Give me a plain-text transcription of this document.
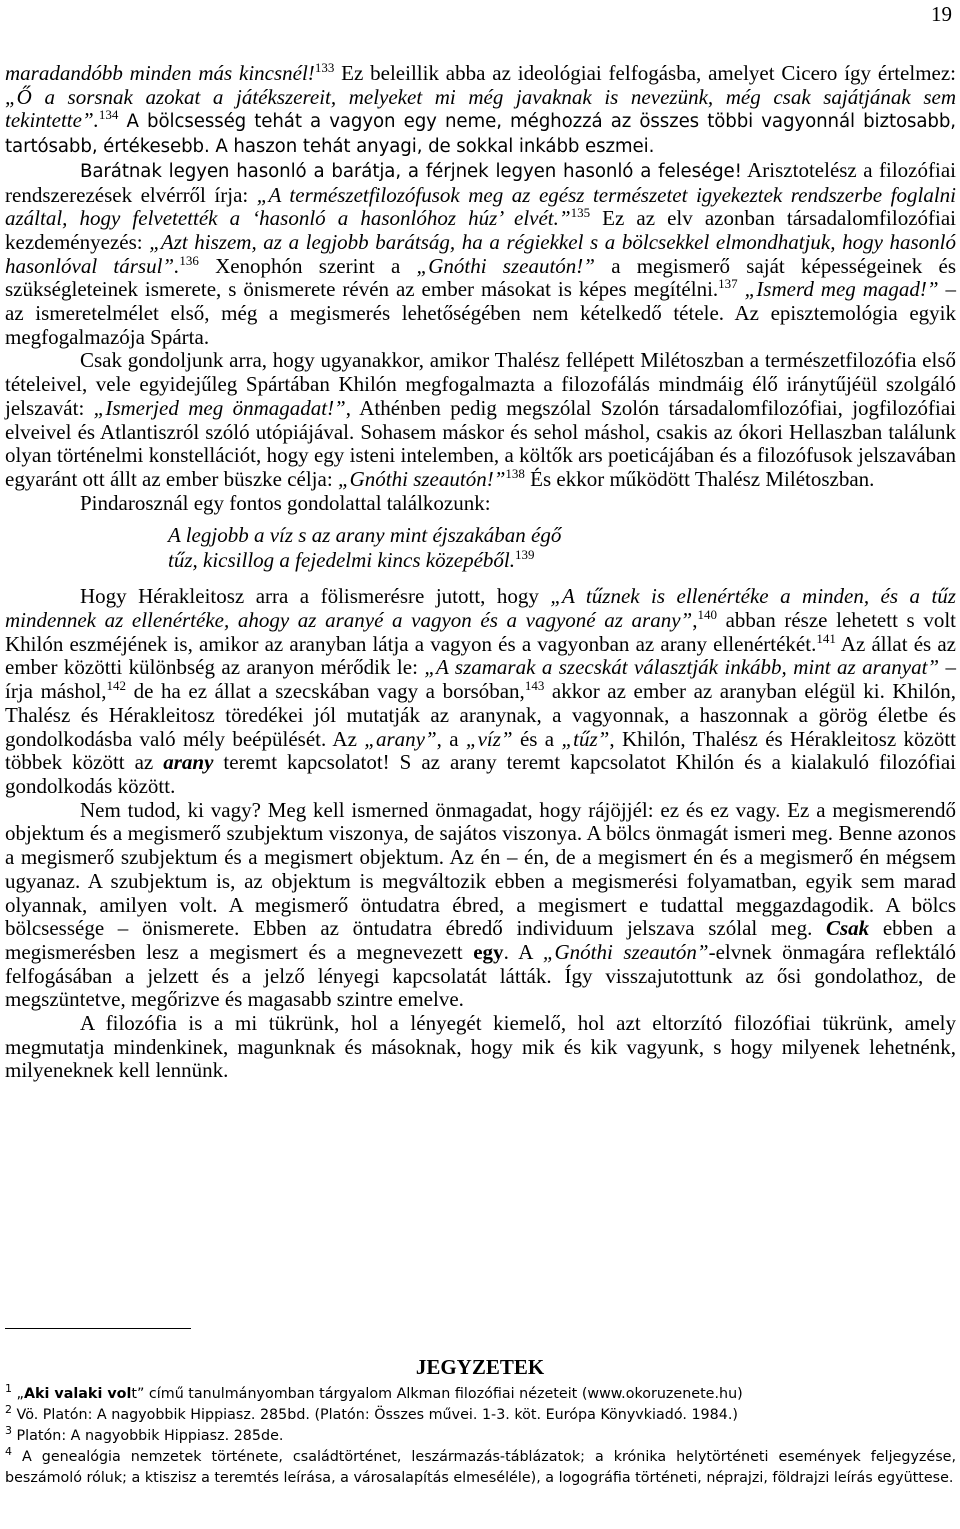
19

maradandóbb minden más kincsnél!$^{133}$ Ez beleillik abba az ideológiai felfogásba, amelyet Cicero így értelmez: „Ő a sorsnak azokat a játékszereit, melyeket mi még javaknak is nevezünk, még csak sajátjának sem tekintette”.$^{134}$ A bölcsesség tehát a vagyon egy neme, méghozzá az összes többi vagyonnál biztosabb, tartósabb, értékesebb. A haszon tehát anyagi, de sokkal inkább eszmei.

Barátnak legyen hasonló a barátja, a férjnek legyen hasonló a felesége! Arisztotelész a filozófiai rendszerezések elvérről írja: „A természetfilozófusok meg az egész természetet igyekeztek rendszerbe foglalni azáltal, hogy felvetették a ‘hasonló a hasonlóhoz húz’ elvét.”$^{135}$ Ez az elv azonban társadalomfilozófiai kezdeményezés: „Azt hiszem, az a legjobb barátság, ha a régiekkel s a bölcsekkel elmondhatjuk, hogy hasonló hasonlóval társul”.$^{136}$ Xenophón szerint a „Gnóthi szeautón!” a megismerő saját képességeinek és szükségleteinek ismerete, s önismerete révén az ember másokat is képes megítélni.$^{137}$ „Ismerd meg magad!” – az ismeretelmélet első, még a megismerés lehetőségében nem kételkedő tétele. Az episztemológia egyik megfogalmazója Spárta.

Csak gondoljunk arra, hogy ugyanakkor, amikor Thalész fellépett Milétoszban a természetfilozófia első tételeivel, vele egyidejűleg Spártában Khilón megfogalmazta a filozofálás mindmáig élő iránytűjéül szolgáló jelszavát: „Ismerjed meg önmagadat!”, Athénben pedig megszólal Szolón társadalomfilozófiai, jogfilozófiai elveivel és Atlantiszról szóló utópiájával. Sohasem máskor és sehol máshol, csakis az ókori Hellaszban találunk olyan történelmi konstellációt, hogy egy isteni intelemben, a költők ars poeticájában és a filozófusok jelszavában egyaránt ott állt az ember büszke célja: „Gnóthi szeautón!”$^{138}$ És ekkor működött Thalész Milétoszban.

Pindarosznál egy fontos gondolattal találkozunk:

A legjobb a víz s az arany mint éjszakában égő
tűz, kicsillog a fejedelmi kincs közepéből.$^{139}$

Hogy Hérakleitosz arra a fölismerésre jutott, hogy „A tűznek is ellenértéke a minden, és a tűz mindennek az ellenértéke, ahogy az aranyé a vagyon és a vagyoné az arany”,$^{140}$ abban része lehetett s volt Khilón eszméjének is, amikor az aranyban látja a vagyon és a vagyonban az arany ellenértékét.$^{141}$ Az állat és az ember közötti különbség az aranyon mérődik le: „A szamarak a szecskát választják inkább, mint az aranyat” – írja máshol,$^{142}$ de ha ez állat a szecskában vagy a borsóban,$^{143}$ akkor az ember az aranyban elégül ki. Khilón, Thalész és Hérakleitosz töredékei jól mutatják az aranynak, a vagyonnak, a haszonnak a görög életbe és gondolkodásba való mély beépülését. Az „arany”, a „víz” és a „tűz”, Khilón, Thalész és Hérakleitosz között többek között az arany teremt kapcsolatot! S az arany teremt kapcsolatot Khilón és a kialakuló filozófiai gondolkodás között.

Nem tudod, ki vagy? Meg kell ismerned önmagadat, hogy rájöjjél: ez és ez vagy. Ez a megismerendő objektum és a megismerő szubjektum viszonya, de sajátos viszonya. A bölcs önmagát ismeri meg. Benne azonos a megismerő szubjektum és a megismert objektum. Az én – én, de a megismert én és a megismerő én mégsem ugyanaz. A szubjektum is, az objektum is megváltozik ebben a megismerési folyamatban, egyik sem marad olyannak, amilyen volt. A megismerő öntudatra ébred, a megismert e tudattal meggazdagodik. A bölcs bölcsessége – önismerete. Ebben az öntudatra ébredő individuum jelszava szólal meg. Csak ebben a megismerésben lesz a megismert és a megnevezett egy. A „Gnóthi szeautón”-elvnek önmagára reflektáló felfogásában a jelzett és a jelző lényegi kapcsolatát látták. Így visszajutottunk az ősi gondolathoz, de megszüntetve, megőrizve és magasabb szintre emelve.

A filozófia is a mi tükrünk, hol a lényegét kiemelő, hol azt eltorzító filozófiai tükrünk, amely megmutatja mindenkinek, magunknak és másoknak, hogy mik és kik vagyunk, s hogy milyenek lehetnénk, milyeneknek kell lennünk.

JEGYZETEK

$^1$ „Aki valaki volt” című tanulmányomban tárgyalom Alkman filozófiai nézeteit (www.okoruzenete.hu)

$^2$ Vö. Platón: A nagyobbik Hippiasz. 285bd. (Platón: Összes művei. 1-3. köt. Európa Könyvkiadó. 1984.)

$^3$ Platón: A nagyobbik Hippiasz. 285de.

$^4$ A genealógia nemzetek története, családtörténet, leszármazás-táblázatok; a krónika helytörténeti események feljegyzése, beszámoló róluk; a ktiszisz a teremtés leírása, a városalapítás elmeséléle), a logográfia történeti, néprajzi, földrajzi leírás együttese.
